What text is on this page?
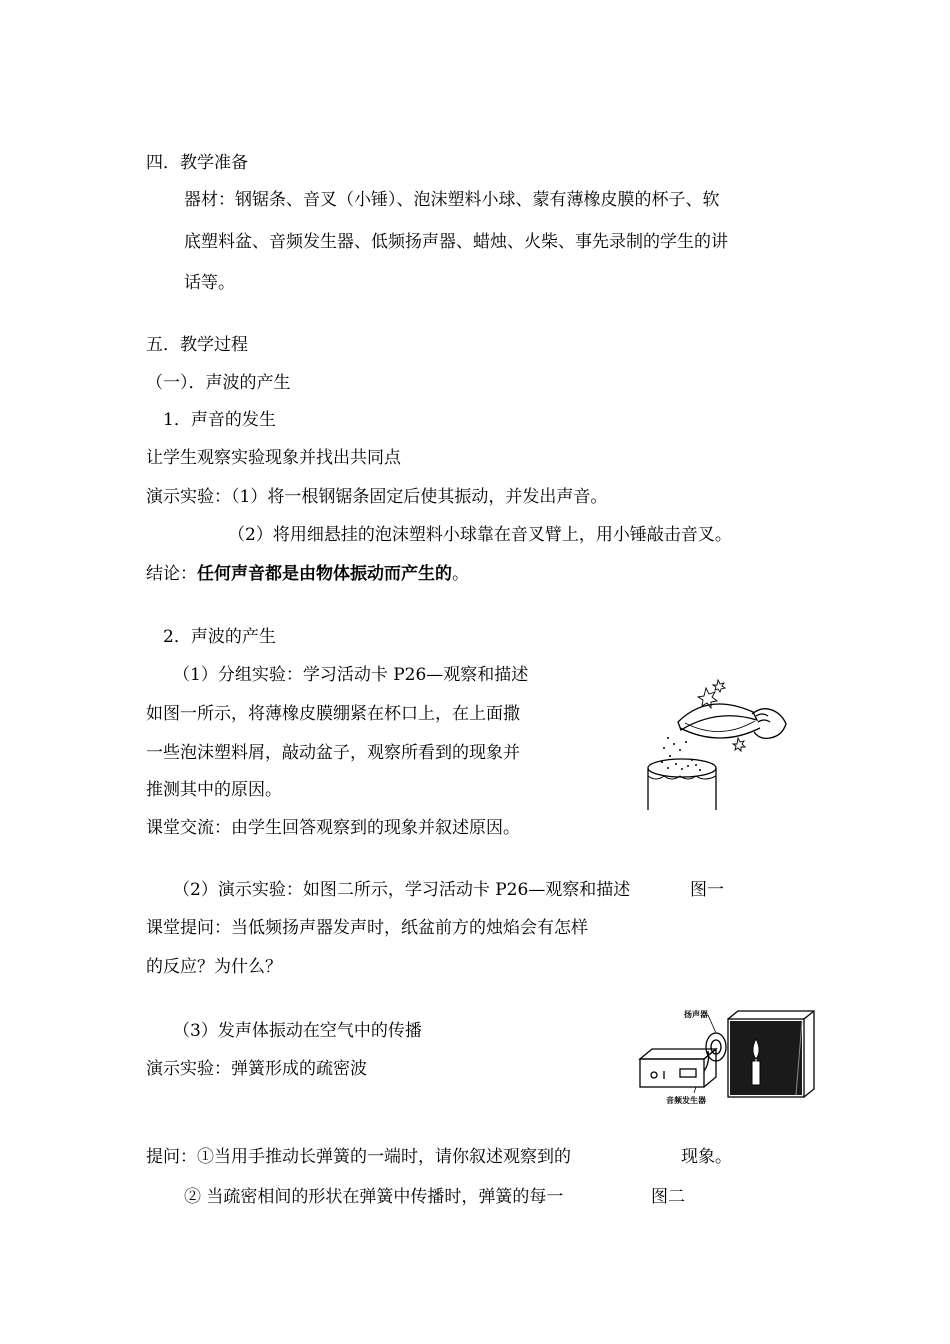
四．教学准备
器材：钢锯条、音叉（小锤）、泡沫塑料小球、蒙有薄橡皮膜的杯子、软
底塑料盆、音频发生器、低频扬声器、蜡烛、火柴、事先录制的学生的讲
话等。
五．教学过程
（一）．声波的产生
1．声音的发生
让学生观察实验现象并找出共同点
演示实验：（1）将一根钢锯条固定后使其振动，并发出声音。
（2）将用细悬挂的泡沫塑料小球靠在音叉臂上，用小锤敲击音叉。
结论：任何声音都是由物体振动而产生的。
2．声波的产生
（1）分组实验：学习活动卡 P26—观察和描述
如图一所示，将薄橡皮膜绷紧在杯口上，在上面撒
一些泡沫塑料屑，敲动盆子，观察所看到的现象并
推测其中的原因。
课堂交流：由学生回答观察到的现象并叙述原因。
（2）演示实验：如图二所示，学习活动卡 P26—观察和描述	图一
课堂提问：当低频扬声器发声时，纸盆前方的烛焰会有怎样
的反应？为什么？
（3）发声体振动在空气中的传播
演示实验：弹簧形成的疏密波
提问：①当用手推动长弹簧的一端时，请你叙述观察到的	现象。
② 当疏密相间的形状在弹簧中传播时，弹簧的每一	图二
扬声器
音频发生器
